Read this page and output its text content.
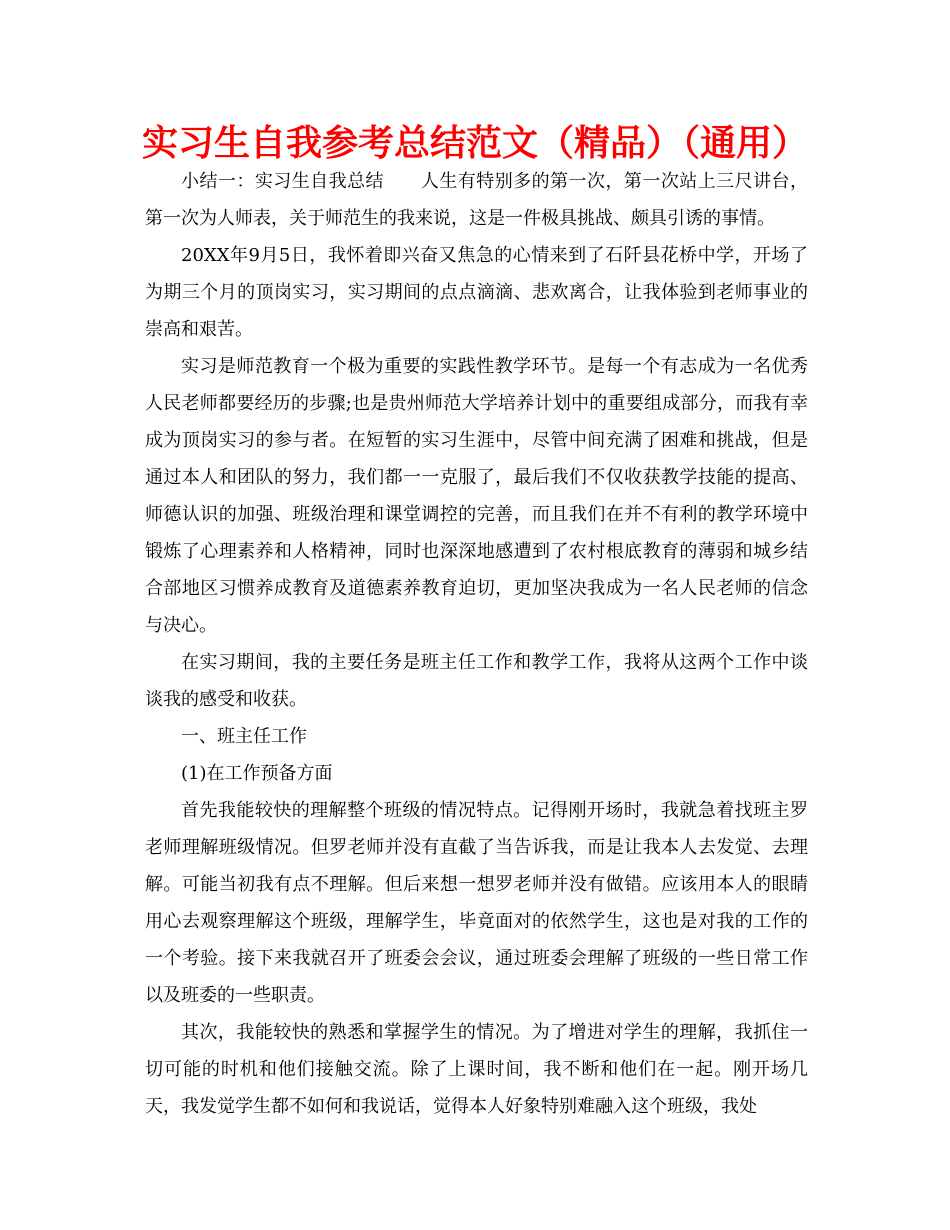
实习生自我参考总结范文（精品）（通用）

小结一：实习生自我总结　　人生有特别多的第一次，第一次站上三尺讲台，第一次为人师表，关于师范生的我来说，这是一件极具挑战、颇具引诱的事情。

20XX年9月5日，我怀着即兴奋又焦急的心情来到了石阡县花桥中学，开场了为期三个月的顶岗实习，实习期间的点点滴滴、悲欢离合，让我体验到老师事业的崇高和艰苦。

实习是师范教育一个极为重要的实践性教学环节。是每一个有志成为一名优秀人民老师都要经历的步骤;也是贵州师范大学培养计划中的重要组成部分，而我有幸成为顶岗实习的参与者。在短暂的实习生涯中，尽管中间充满了困难和挑战，但是通过本人和团队的努力，我们都一一克服了，最后我们不仅收获教学技能的提高、师德认识的加强、班级治理和课堂调控的完善，而且我们在并不有利的教学环境中锻炼了心理素养和人格精神，同时也深深地感遭到了农村根底教育的薄弱和城乡结合部地区习惯养成教育及道德素养教育迫切，更加坚决我成为一名人民老师的信念与决心。

在实习期间，我的主要任务是班主任工作和教学工作，我将从这两个工作中谈谈我的感受和收获。

一、班主任工作

(1)在工作预备方面

首先我能较快的理解整个班级的情况特点。记得刚开场时，我就急着找班主罗老师理解班级情况。但罗老师并没有直截了当告诉我，而是让我本人去发觉、去理解。可能当初我有点不理解。但后来想一想罗老师并没有做错。应该用本人的眼睛用心去观察理解这个班级，理解学生，毕竟面对的依然学生，这也是对我的工作的一个考验。接下来我就召开了班委会会议，通过班委会理解了班级的一些日常工作以及班委的一些职责。

其次，我能较快的熟悉和掌握学生的情况。为了增进对学生的理解，我抓住一切可能的时机和他们接触交流。除了上课时间，我不断和他们在一起。刚开场几天，我发觉学生都不如何和我说话，觉得本人好象特别难融入这个班级，我处
